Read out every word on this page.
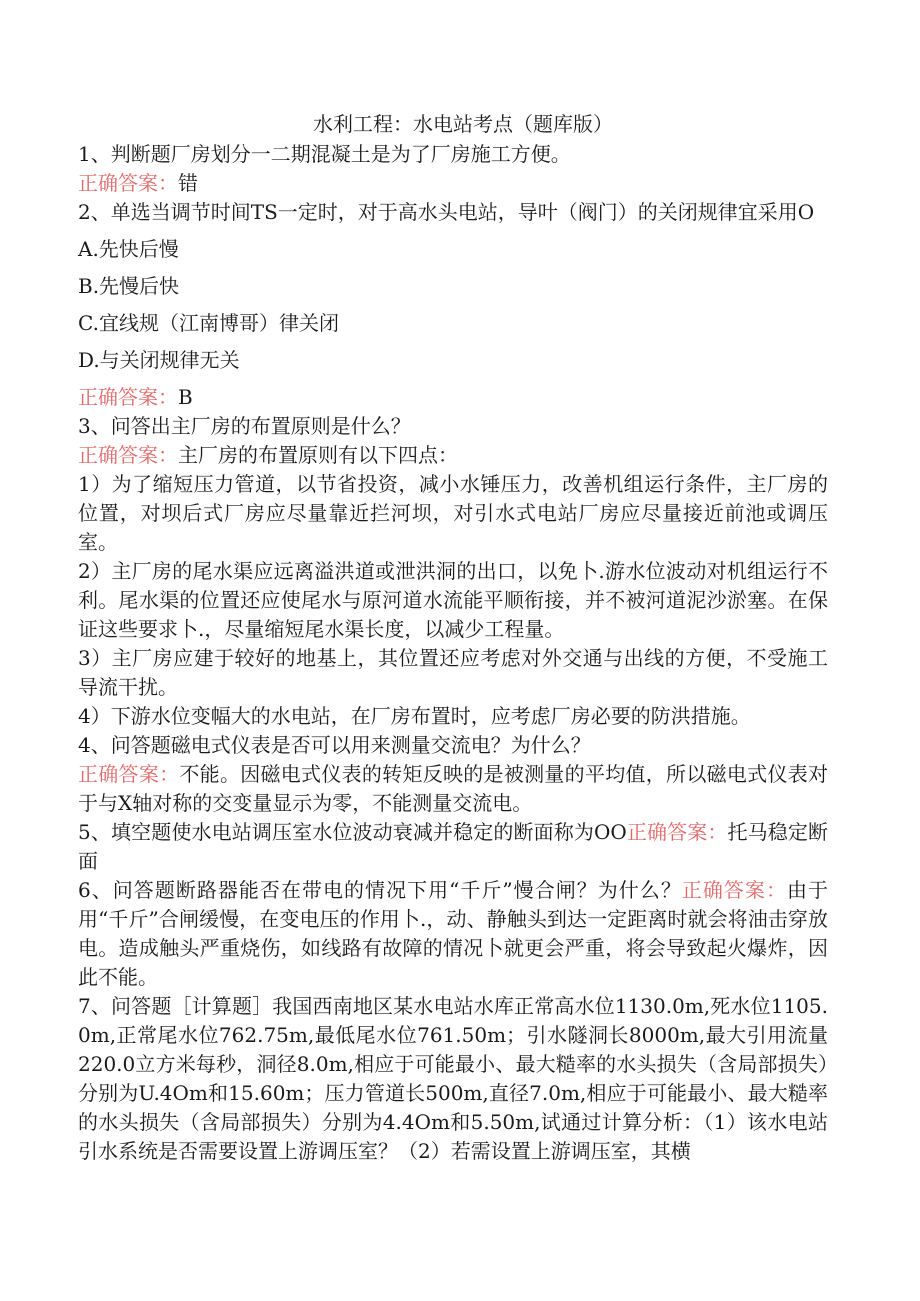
水利工程：水电站考点（题库版）

1、判断题厂房划分一二期混凝土是为了厂房施工方便。

正确答案：错

2、单选当调节时间TS一定时，对于高水头电站，导叶（阀门）的关闭规律宜采用O

A.先快后慢

B.先慢后快

C.宜线规（江南博哥）律关闭

D.与关闭规律无关

正确答案：B

3、问答出主厂房的布置原则是什么？

正确答案：主厂房的布置原则有以下四点：

1）为了缩短压力管道，以节省投资，减小水锤压力，改善机组运行条件，主厂房的位置，对坝后式厂房应尽量靠近拦河坝，对引水式电站厂房应尽量接近前池或调压室。

2）主厂房的尾水渠应远离溢洪道或泄洪洞的出口，以免卜.游水位波动对机组运行不利。尾水渠的位置还应使尾水与原河道水流能平顺衔接，并不被河道泥沙淤塞。在保证这些要求卜.，尽量缩短尾水渠长度，以减少工程量。

3）主厂房应建于较好的地基上，其位置还应考虑对外交通与出线的方便，不受施工导流干扰。

4）下游水位变幅大的水电站，在厂房布置时，应考虑厂房必要的防洪措施。

4、问答题磁电式仪表是否可以用来测量交流电？为什么？

正确答案：不能。因磁电式仪表的转矩反映的是被测量的平均值，所以磁电式仪表对于与X轴对称的交变量显示为零，不能测量交流电。

5、填空题使水电站调压室水位波动衰减并稳定的断面称为OO正确答案：托马稳定断面

6、问答题断路器能否在带电的情况下用“千斤”慢合闸？为什么？正确答案：由于用“千斤”合闸缓慢，在变电压的作用卜.，动、静触头到达一定距离时就会将油击穿放电。造成触头严重烧伤，如线路有故障的情况卜就更会严重，将会导致起火爆炸，因此不能。

7、问答题［计算题］我国西南地区某水电站水库正常高水位1130.0m,死水位1105.0m,正常尾水位762.75m,最低尾水位761.50m；引水隧洞长8000m,最大引用流量220.0立方米每秒，洞径8.0m,相应于可能最小、最大糙率的水头损失（含局部损失）分别为U.4Om和15.60m；压力管道长500m,直径7.0m,相应于可能最小、最大糙率的水头损失（含局部损失）分别为4.4Om和5.50m,试通过计算分析：（1）该水电站引水系统是否需要设置上游调压室？（2）若需设置上游调压室，其横
